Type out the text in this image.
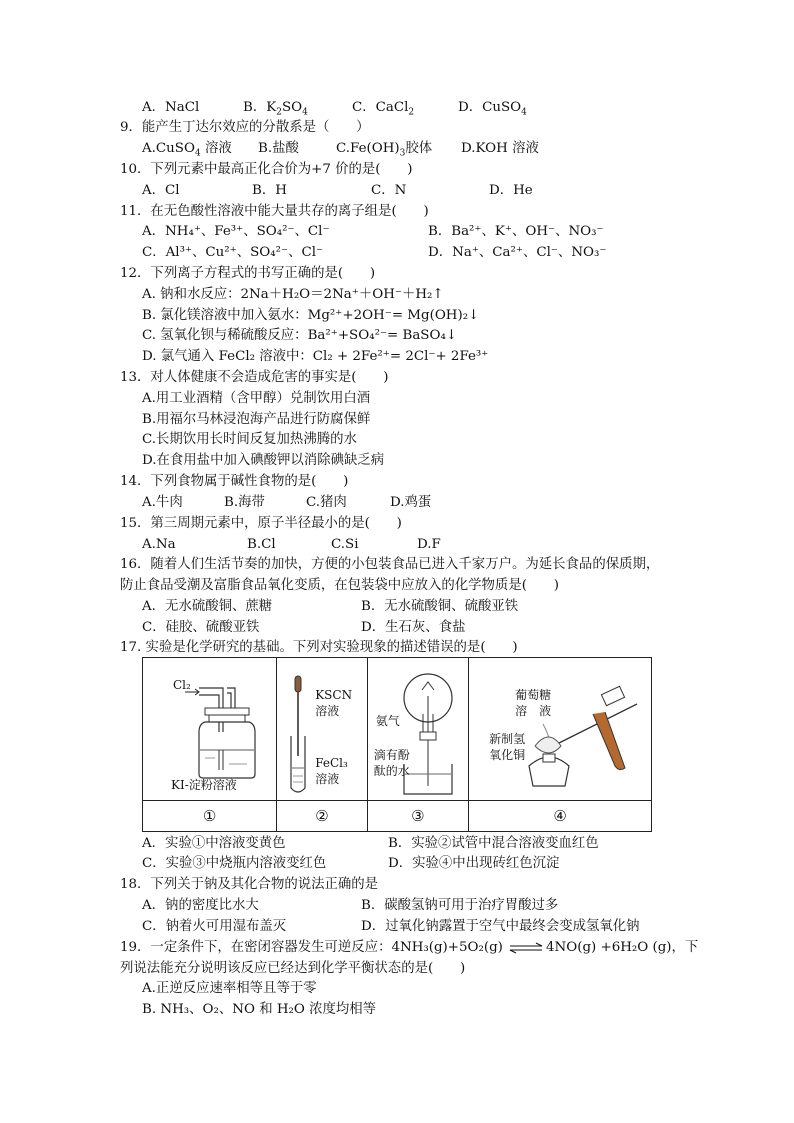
A．NaCl	B．$K_2SO_4$	C．CaCl$_2$	D．CuSO$_4$
9．能产生丁达尔效应的分散系是（　　）
A.CuSO$_4$ 溶液 B.盐酸	$C.Fe(OH)_3$胶体 D.KOH 溶液
10．下列元素中最高正化合价为+7 价的是(　　)
A．Cl	B．H	C．N	D．He
11．在无色酸性溶液中能大量共存的离子组是(　　)
A．NH₄⁺、Fe³⁺、SO₄²⁻、Cl⁻	B．Ba²⁺、K⁺、OH⁻、NO₃⁻
C．Al³⁺、Cu²⁺、SO₄²⁻、Cl⁻	D．Na⁺、Ca²⁺、Cl⁻、NO₃⁻
12．下列离子方程式的书写正确的是(　　)
A. 钠和水反应：2Na＋H₂O＝2Na⁺＋OH⁻＋H₂↑
B. 氯化镁溶液中加入氨水：Mg²⁺+2OH⁻= Mg(OH)₂↓
C. 氢氧化钡与稀硫酸反应：Ba²⁺+SO₄²⁻= BaSO₄↓
D. 氯气通入 FeCl₂ 溶液中：Cl₂ + 2Fe²⁺= 2Cl⁻+ 2Fe³⁺
13．对人体健康不会造成危害的事实是(　　)
A.用工业酒精（含甲醇）兑制饮用白酒
B.用福尔马林浸泡海产品进行防腐保鲜
C.长期饮用长时间反复加热沸腾的水
D.在食用盐中加入碘酸钾以消除碘缺乏病
14．下列食物属于碱性食物的是(　　)
A.牛肉	B.海带	C.猪肉	D.鸡蛋
15．第三周期元素中，原子半径最小的是(　　)
A.Na	B.Cl	C.Si	D.F
16．随着人们生活节奏的加快，方便的小包装食品已进入千家万户。为延长食品的保质期，
防止食品受潮及富脂食品氧化变质，在包装袋中应放入的化学物质是(　　)
A．无水硫酸铜、蔗糖	B．无水硫酸铜、硫酸亚铁
C．硅胶、硫酸亚铁	D．生石灰、食盐
17. 实验是化学研究的基础。下列对实验现象的描述错误的是(　　)
Cl₂
KI-淀粉溶液	KSCN
溶液
FeCl₃
溶液	氨气
滴有酚
酞的水	葡萄糖
溶　液
新制氢
氧化铜

①	②	③	④
A．实验①中溶液变黄色	B．实验②试管中混合溶液变血红色
C．实验③中烧瓶内溶液变红色	D．实验④中出现砖红色沉淀
18．下列关于钠及其化合物的说法正确的是
A．钠的密度比水大	B．碳酸氢钠可用于治疗胃酸过多
C．钠着火可用湿布盖灭	D．过氧化钠露置于空气中最终会变成氢氧化钠
19．一定条件下，在密闭容器发生可逆反应：4NH₃(g)+5O₂(g) ⇌ 4NO(g) +6H₂O (g)，下
列说法能充分说明该反应已经达到化学平衡状态的是(　　)
A.正逆反应速率相等且等于零
B. NH₃、O₂、NO 和 H₂O 浓度均相等
